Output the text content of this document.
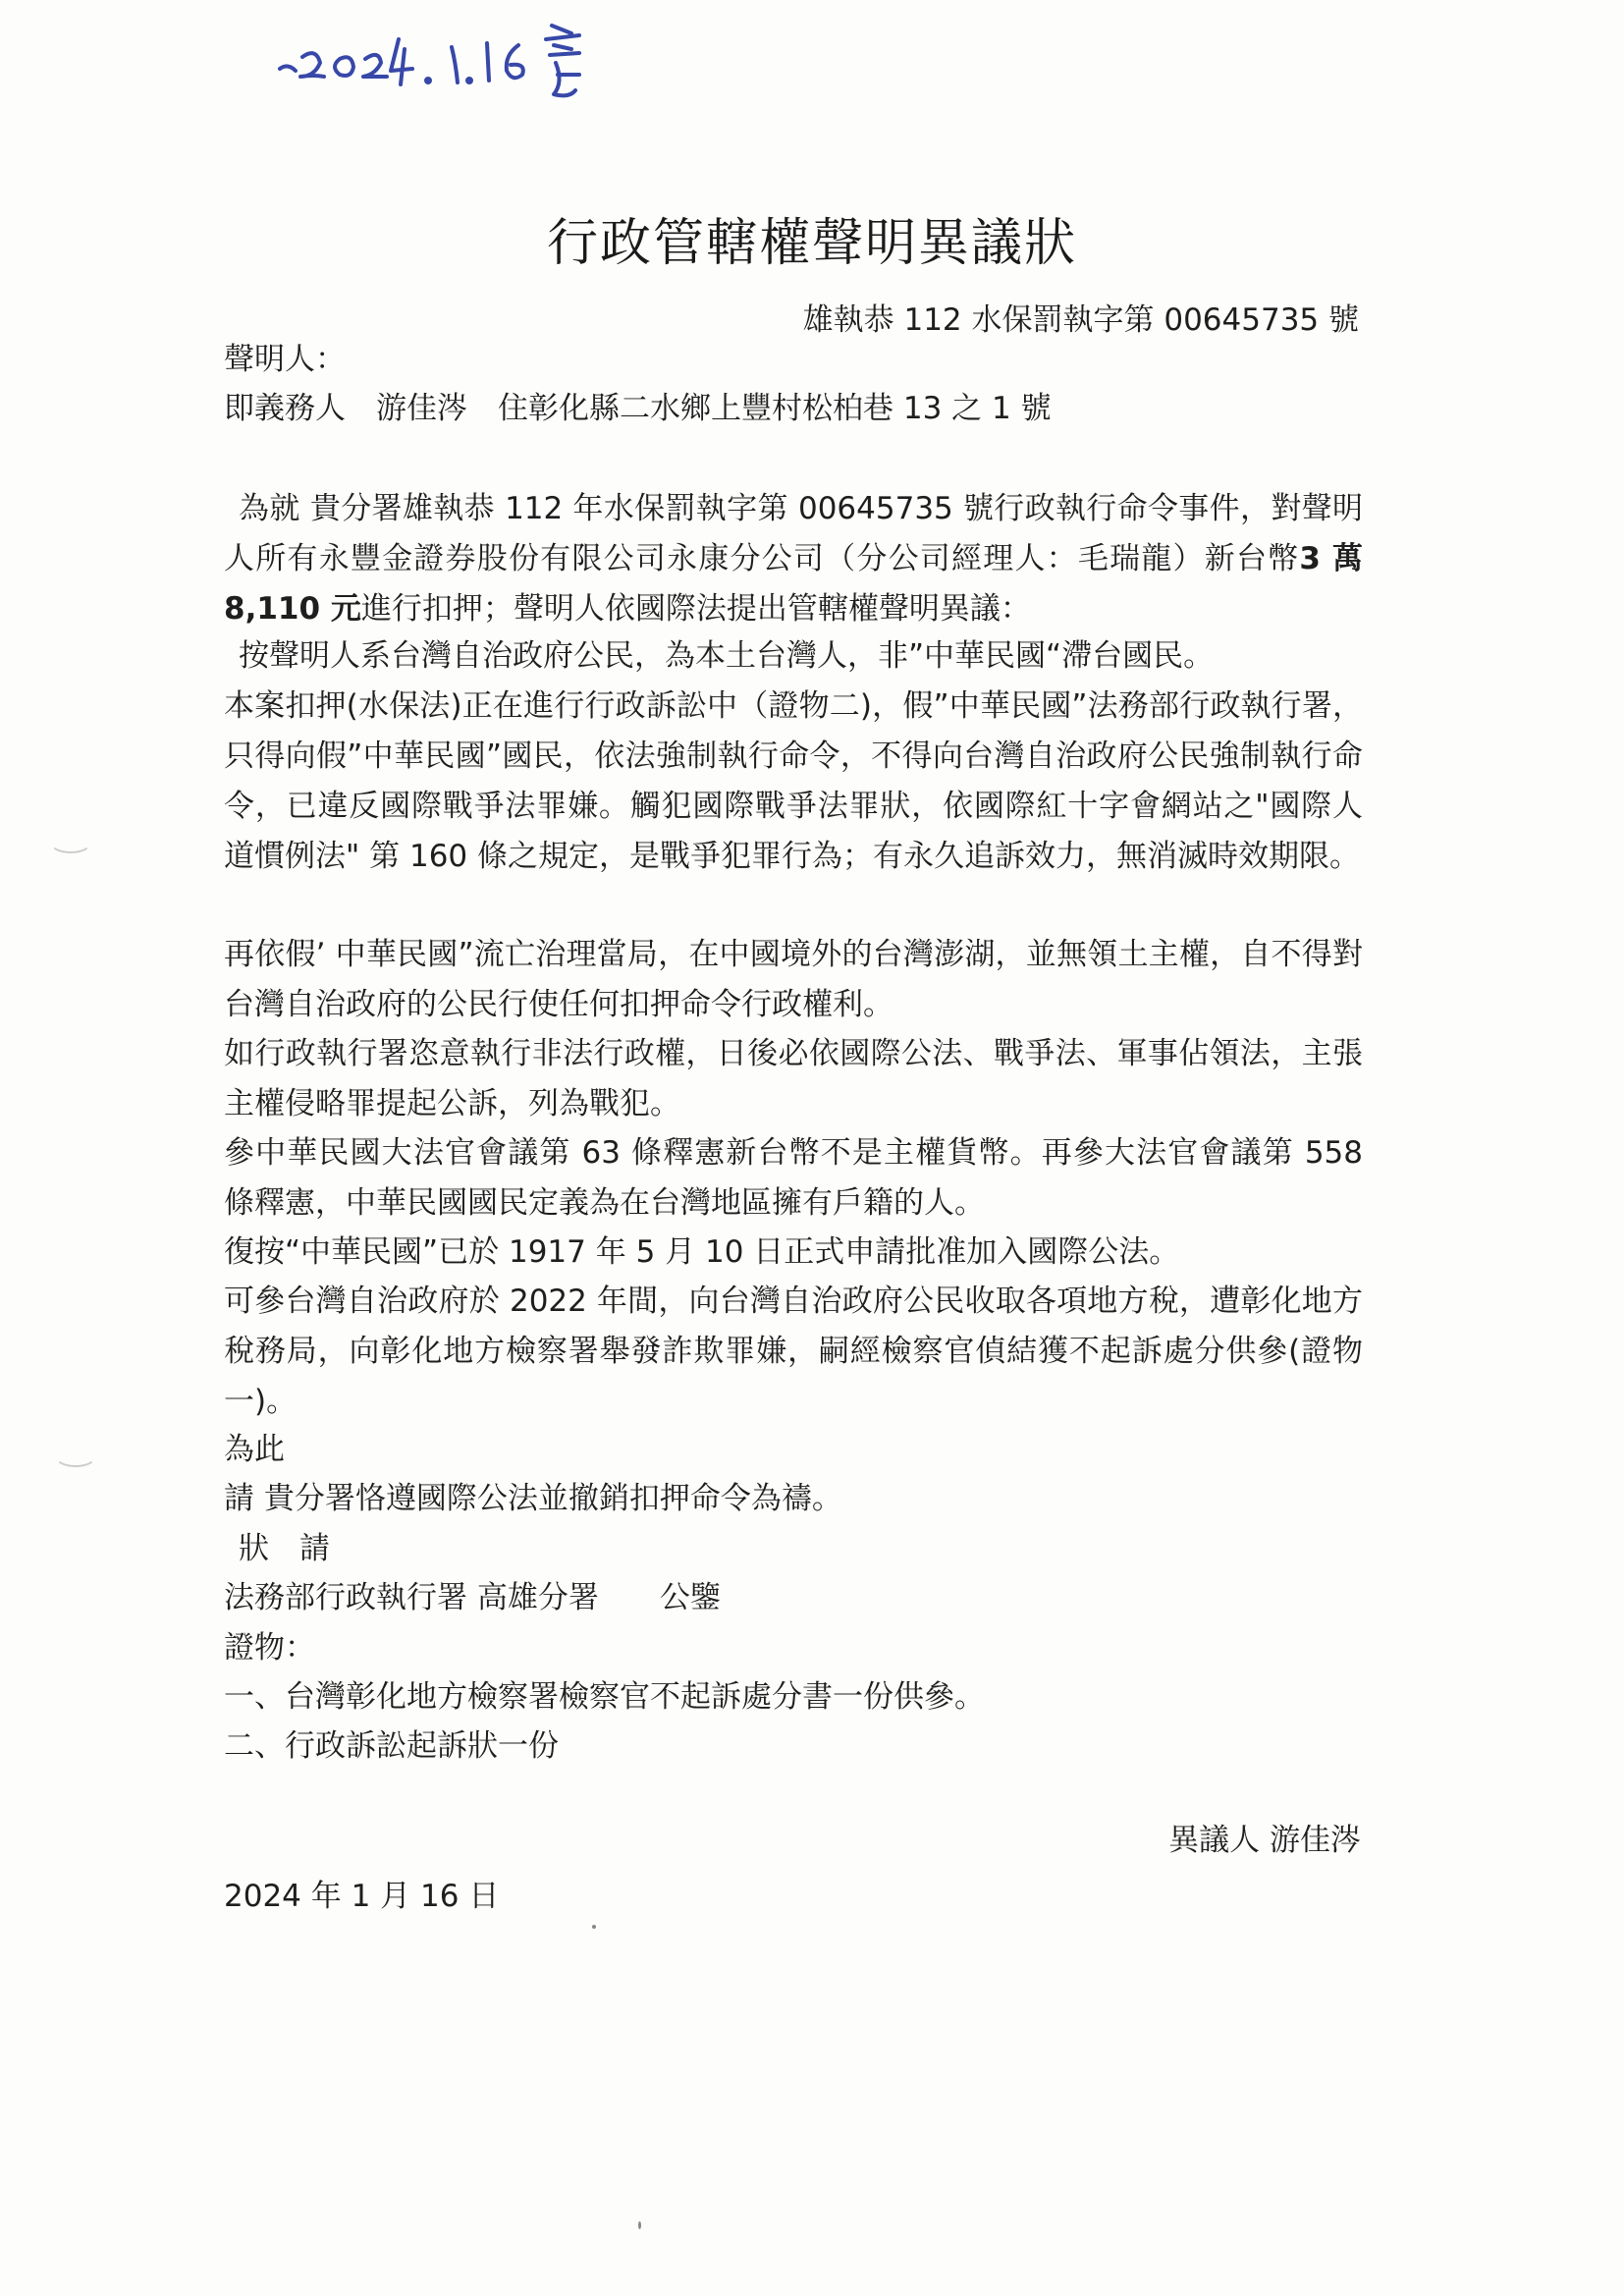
行政管轄權聲明異議狀
雄執恭 112 水保罰執字第 00645735 號
聲明人：
即義務人　游佳涔　住彰化縣二水鄉上豐村松柏巷 13 之 1 號
為就 貴分署雄執恭 112 年水保罰執字第 00645735 號行政執行命令事件，對聲明人所有永豐金證券股份有限公司永康分公司（分公司經理人：毛瑞龍）新台幣3 萬 8,110 元進行扣押；聲明人依國際法提出管轄權聲明異議：
按聲明人系台灣自治政府公民，為本土台灣人，非”中華民國“滯台國民。
本案扣押(水保法)正在進行行政訴訟中（證物二)，假”中華民國”法務部行政執行署，只得向假”中華民國”國民，依法強制執行命令，不得向台灣自治政府公民強制執行命令，已違反國際戰爭法罪嫌。觸犯國際戰爭法罪狀，依國際紅十字會網站之"國際人道慣例法" 第 160 條之規定，是戰爭犯罪行為；有永久追訴效力，無消滅時效期限。
再依假’ 中華民國”流亡治理當局，在中國境外的台灣澎湖，並無領土主權，自不得對台灣自治政府的公民行使任何扣押命令行政權利。
如行政執行署恣意執行非法行政權，日後必依國際公法、戰爭法、軍事佔領法，主張主權侵略罪提起公訴，列為戰犯。
參中華民國大法官會議第 63 條釋憲新台幣不是主權貨幣。再參大法官會議第 558 條釋憲，中華民國國民定義為在台灣地區擁有戶籍的人。
復按“中華民國”已於 1917 年 5 月 10 日正式申請批准加入國際公法。
可參台灣自治政府於 2022 年間，向台灣自治政府公民收取各項地方稅，遭彰化地方稅務局，向彰化地方檢察署舉發詐欺罪嫌，嗣經檢察官偵結獲不起訴處分供參(證物一)。
為此
請 貴分署恪遵國際公法並撤銷扣押命令為禱。
狀　請
法務部行政執行署 高雄分署　　公鑒
證物：
一、台灣彰化地方檢察署檢察官不起訴處分書一份供參。
二、行政訴訟起訴狀一份
異議人 游佳涔
2024 年 1 月 16 日
